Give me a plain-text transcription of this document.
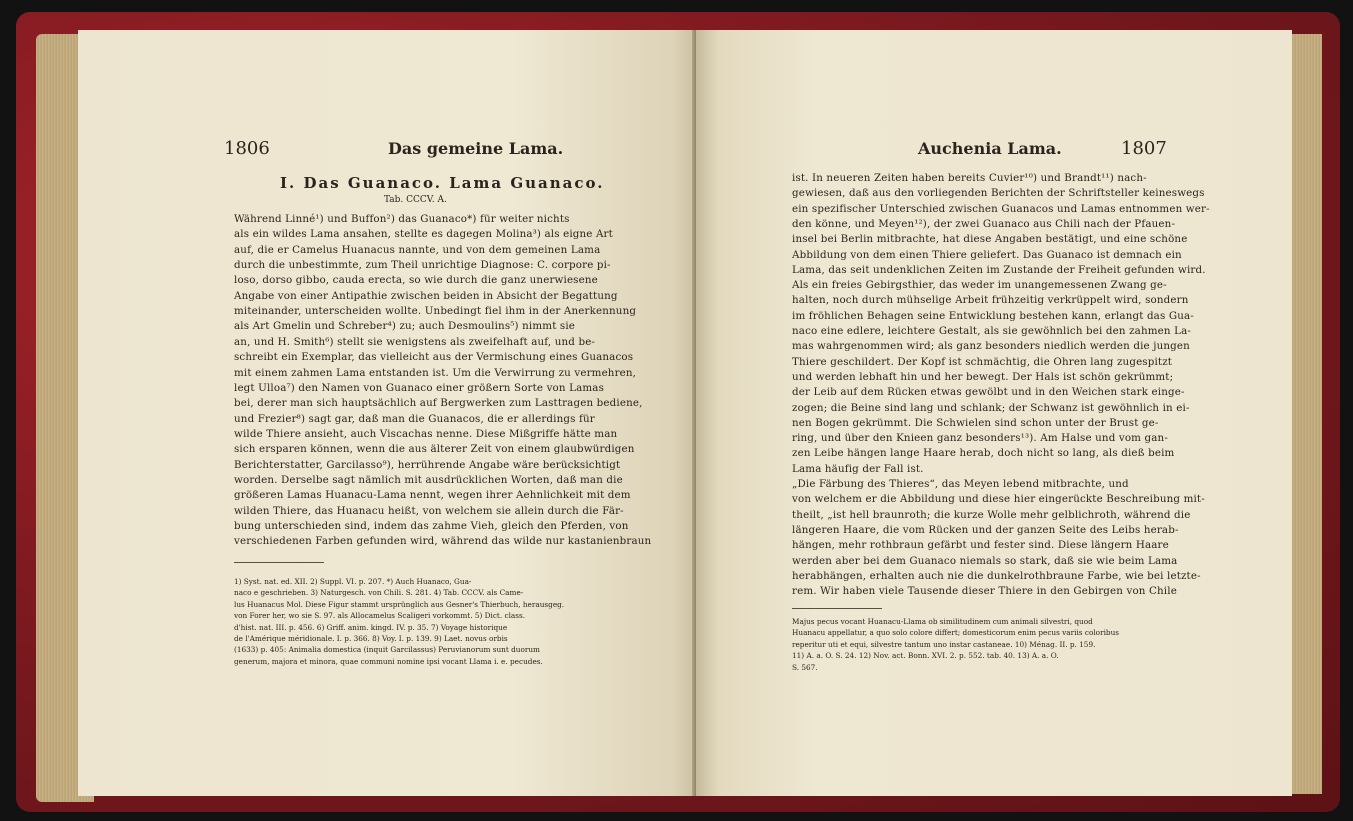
1806	Das gemeine Lama.
I. Das Guanaco. Lama Guanaco.
Tab. CCCV. A.
Während Linné¹) und Buffon²) das Guanaco*) für weiter nichts
als ein wildes Lama ansahen, stellte es dagegen Molina³) als eigne Art
auf, die er Camelus Huanacus nannte, und von dem gemeinen Lama
durch die unbestimmte, zum Theil unrichtige Diagnose: C. corpore pi-
loso, dorso gibbo, cauda erecta, so wie durch die ganz unerwiesene
Angabe von einer Antipathie zwischen beiden in Absicht der Begattung
miteinander, unterscheiden wollte. Unbedingt fiel ihm in der Anerkennung
als Art Gmelin und Schreber⁴) zu; auch Desmoulins⁵) nimmt sie
an, und H. Smith⁶) stellt sie wenigstens als zweifelhaft auf, und be-
schreibt ein Exemplar, das vielleicht aus der Vermischung eines Guanacos
mit einem zahmen Lama entstanden ist. Um die Verwirrung zu vermehren,
legt Ulloa⁷) den Namen von Guanaco einer größern Sorte von Lamas
bei, derer man sich hauptsächlich auf Bergwerken zum Lasttragen bediene,
und Frezier⁸) sagt gar, daß man die Guanacos, die er allerdings für
wilde Thiere ansieht, auch Viscachas nenne. Diese Mißgriffe hätte man
sich ersparen können, wenn die aus älterer Zeit von einem glaubwürdigen
Berichterstatter, Garcilasso⁹), herrührende Angabe wäre berücksichtigt
worden. Derselbe sagt nämlich mit ausdrücklichen Worten, daß man die
größeren Lamas Huanacu-Lama nennt, wegen ihrer Aehnlichkeit mit dem
wilden Thiere, das Huanacu heißt, von welchem sie allein durch die Fär-
bung unterschieden sind, indem das zahme Vieh, gleich den Pferden, von
verschiedenen Farben gefunden wird, während das wilde nur kastanienbraun
1) Syst. nat. ed. XII. 2) Suppl. VI. p. 207. *) Auch Huanaco, Gua-
naco e geschrieben. 3) Naturgesch. von Chili. S. 281. 4) Tab. CCCV. als Came-
lus Huanacus Mol. Diese Figur stammt ursprünglich aus Gesner's Thierbuch, herausgeg.
von Forer her, wo sie S. 97. als Allocamelus Scaligeri vorkommt. 5) Dict. class.
d'hist. nat. III. p. 456. 6) Griff. anim. kingd. IV. p. 35. 7) Voyage historique
de l'Amérique méridionale. I. p. 366. 8) Voy. I. p. 139. 9) Laet. novus orbis
(1633) p. 405: Animalia domestica (inquit Garcilassus) Peruvianorum sunt duorum
generum, majora et minora, quae communi nomine ipsi vocant Llama i. e. pecudes.
Auchenia Lama.	1807
ist. In neueren Zeiten haben bereits Cuvier¹⁰) und Brandt¹¹) nach-
gewiesen, daß aus den vorliegenden Berichten der Schriftsteller keineswegs
ein spezifischer Unterschied zwischen Guanacos und Lamas entnommen wer-
den könne, und Meyen¹²), der zwei Guanaco aus Chili nach der Pfauen-
insel bei Berlin mitbrachte, hat diese Angaben bestätigt, und eine schöne
Abbildung von dem einen Thiere geliefert. Das Guanaco ist demnach ein
Lama, das seit undenklichen Zeiten im Zustande der Freiheit gefunden wird.
Als ein freies Gebirgsthier, das weder im unangemessenen Zwang ge-
halten, noch durch mühselige Arbeit frühzeitig verkrüppelt wird, sondern
im fröhlichen Behagen seine Entwicklung bestehen kann, erlangt das Gua-
naco eine edlere, leichtere Gestalt, als sie gewöhnlich bei den zahmen La-
mas wahrgenommen wird; als ganz besonders niedlich werden die jungen
Thiere geschildert. Der Kopf ist schmächtig, die Ohren lang zugespitzt
und werden lebhaft hin und her bewegt. Der Hals ist schön gekrümmt;
der Leib auf dem Rücken etwas gewölbt und in den Weichen stark einge-
zogen; die Beine sind lang und schlank; der Schwanz ist gewöhnlich in ei-
nen Bogen gekrümmt. Die Schwielen sind schon unter der Brust ge-
ring, und über den Knieen ganz besonders¹³). Am Halse und vom gan-
zen Leibe hängen lange Haare herab, doch nicht so lang, als dieß beim
Lama häufig der Fall ist.
„Die Färbung des Thieres“, das Meyen lebend mitbrachte, und
von welchem er die Abbildung und diese hier eingerückte Beschreibung mit-
theilt, „ist hell braunroth; die kurze Wolle mehr gelblichroth, während die
längeren Haare, die vom Rücken und der ganzen Seite des Leibs herab-
hängen, mehr rothbraun gefärbt und fester sind. Diese längern Haare
werden aber bei dem Guanaco niemals so stark, daß sie wie beim Lama
herabhängen, erhalten auch nie die dunkelrothbraune Farbe, wie bei letzte-
rem. Wir haben viele Tausende dieser Thiere in den Gebirgen von Chile
Majus pecus vocant Huanacu-Llama ob similitudinem cum animali silvestri, quod
Huanacu appellatur, a quo solo colore differt; domesticorum enim pecus variis coloribus
reperitur uti et equi, silvestre tantum uno instar castaneae. 10) Ménag. II. p. 159.
11) A. a. O. S. 24. 12) Nov. act. Bonn. XVI. 2. p. 552. tab. 40. 13) A. a. O.
S. 567.
